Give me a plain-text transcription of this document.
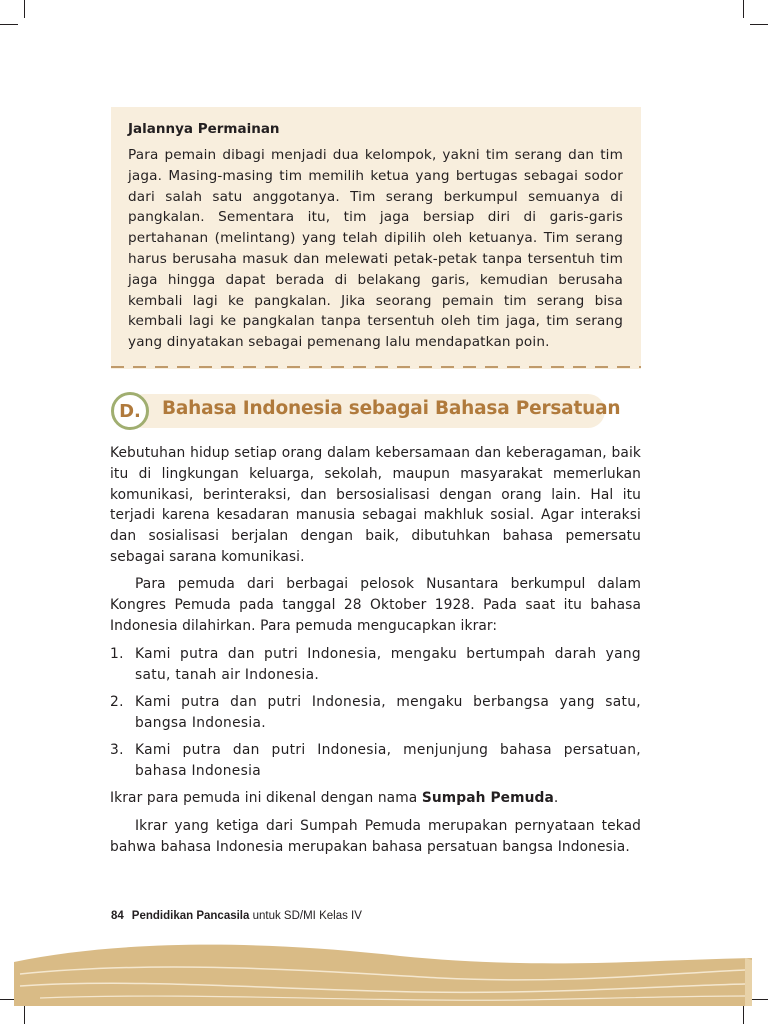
Jalannya Permainan

Para pemain dibagi menjadi dua kelompok, yakni tim serang dan tim jaga. Masing-masing tim memilih ketua yang bertugas sebagai sodor dari salah satu anggotanya. Tim serang berkumpul semuanya di pangkalan. Sementara itu, tim jaga bersiap diri di garis-garis pertahanan (melintang) yang telah dipilih oleh ketuanya. Tim serang harus berusaha masuk dan melewati petak-petak tanpa tersentuh tim jaga hingga dapat berada di belakang garis, kemudian berusaha kembali lagi ke pangkalan. Jika seorang pemain tim serang bisa kembali lagi ke pangkalan tanpa tersentuh oleh tim jaga, tim serang yang dinyatakan sebagai pemenang lalu mendapatkan poin.

D. Bahasa Indonesia sebagai Bahasa Persatuan

Kebutuhan hidup setiap orang dalam kebersamaan dan keberagaman, baik itu di lingkungan keluarga, sekolah, maupun masyarakat memerlukan komunikasi, berinteraksi, dan bersosialisasi dengan orang lain. Hal itu terjadi karena kesadaran manusia sebagai makhluk sosial. Agar interaksi dan sosialisasi berjalan dengan baik, dibutuhkan bahasa pemersatu sebagai sarana komunikasi.

Para pemuda dari berbagai pelosok Nusantara berkumpul dalam Kongres Pemuda pada tanggal 28 Oktober 1928. Pada saat itu bahasa Indonesia dilahirkan. Para pemuda mengucapkan ikrar:

1. Kami putra dan putri Indonesia, mengaku bertumpah darah yang satu, tanah air Indonesia.
2. Kami putra dan putri Indonesia, mengaku berbangsa yang satu, bangsa Indonesia.
3. Kami putra dan putri Indonesia, menjunjung bahasa persatuan, bahasa Indonesia

Ikrar para pemuda ini dikenal dengan nama Sumpah Pemuda.

Ikrar yang ketiga dari Sumpah Pemuda merupakan pernyataan tekad bahwa bahasa Indonesia merupakan bahasa persatuan bangsa Indonesia.

84 Pendidikan Pancasila untuk SD/MI Kelas IV
